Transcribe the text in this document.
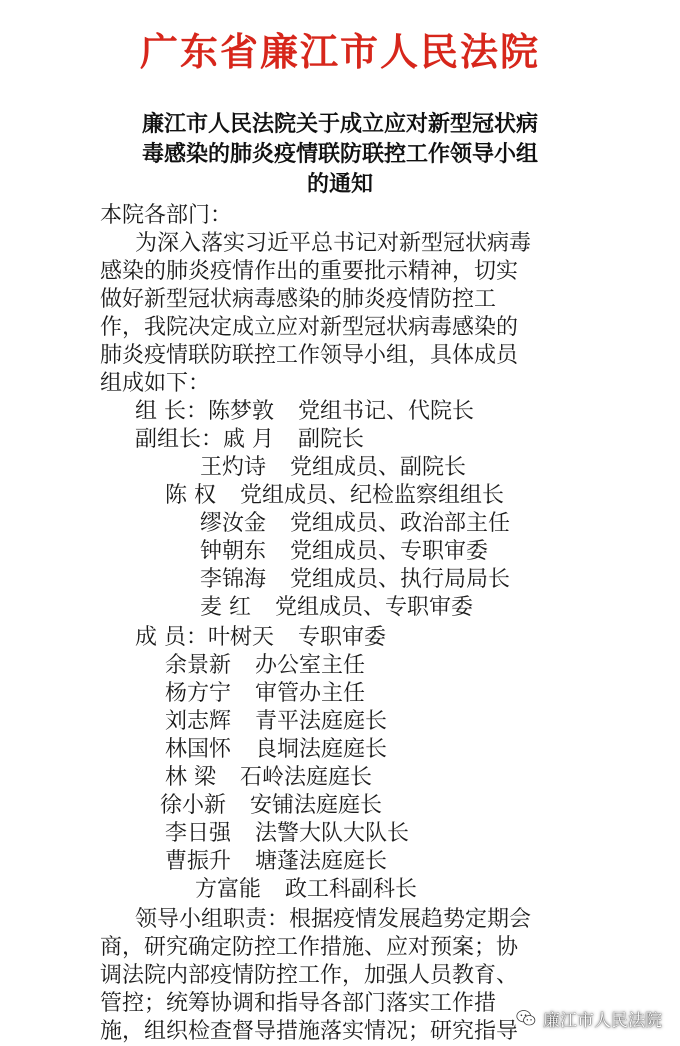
广东省廉江市人民法院
廉江市人民法院关于成立应对新型冠状病
毒感染的肺炎疫情联防联控工作领导小组
的通知
本院各部门：
为深入落实习近平总书记对新型冠状病毒
感染的肺炎疫情作出的重要批示精神，切实
做好新型冠状病毒感染的肺炎疫情防控工
作，我院决定成立应对新型冠状病毒感染的
肺炎疫情联防联控工作领导小组，具体成员
组成如下：
组 长：陈梦敦 党组书记、代院长
副组长：戚 月 副院长
王灼诗 党组成员、副院长
陈 权 党组成员、纪检监察组组长
缪汝金 党组成员、政治部主任
钟朝东 党组成员、专职审委
李锦海 党组成员、执行局局长
麦 红 党组成员、专职审委
成 员：叶树天 专职审委
余景新 办公室主任
杨方宁 审管办主任
刘志辉 青平法庭庭长
林国怀 良垌法庭庭长
林 梁 石岭法庭庭长
徐小新 安铺法庭庭长
李日强 法警大队大队长
曹振升 塘蓬法庭庭长
方富能 政工科副科长
领导小组职责：根据疫情发展趋势定期会
商，研究确定防控工作措施、应对预案；协
调法院内部疫情防控工作，加强人员教育、
管控；统筹协调和指导各部门落实工作措
施，组织检查督导措施落实情况；研究指导 廉江市人民法院
